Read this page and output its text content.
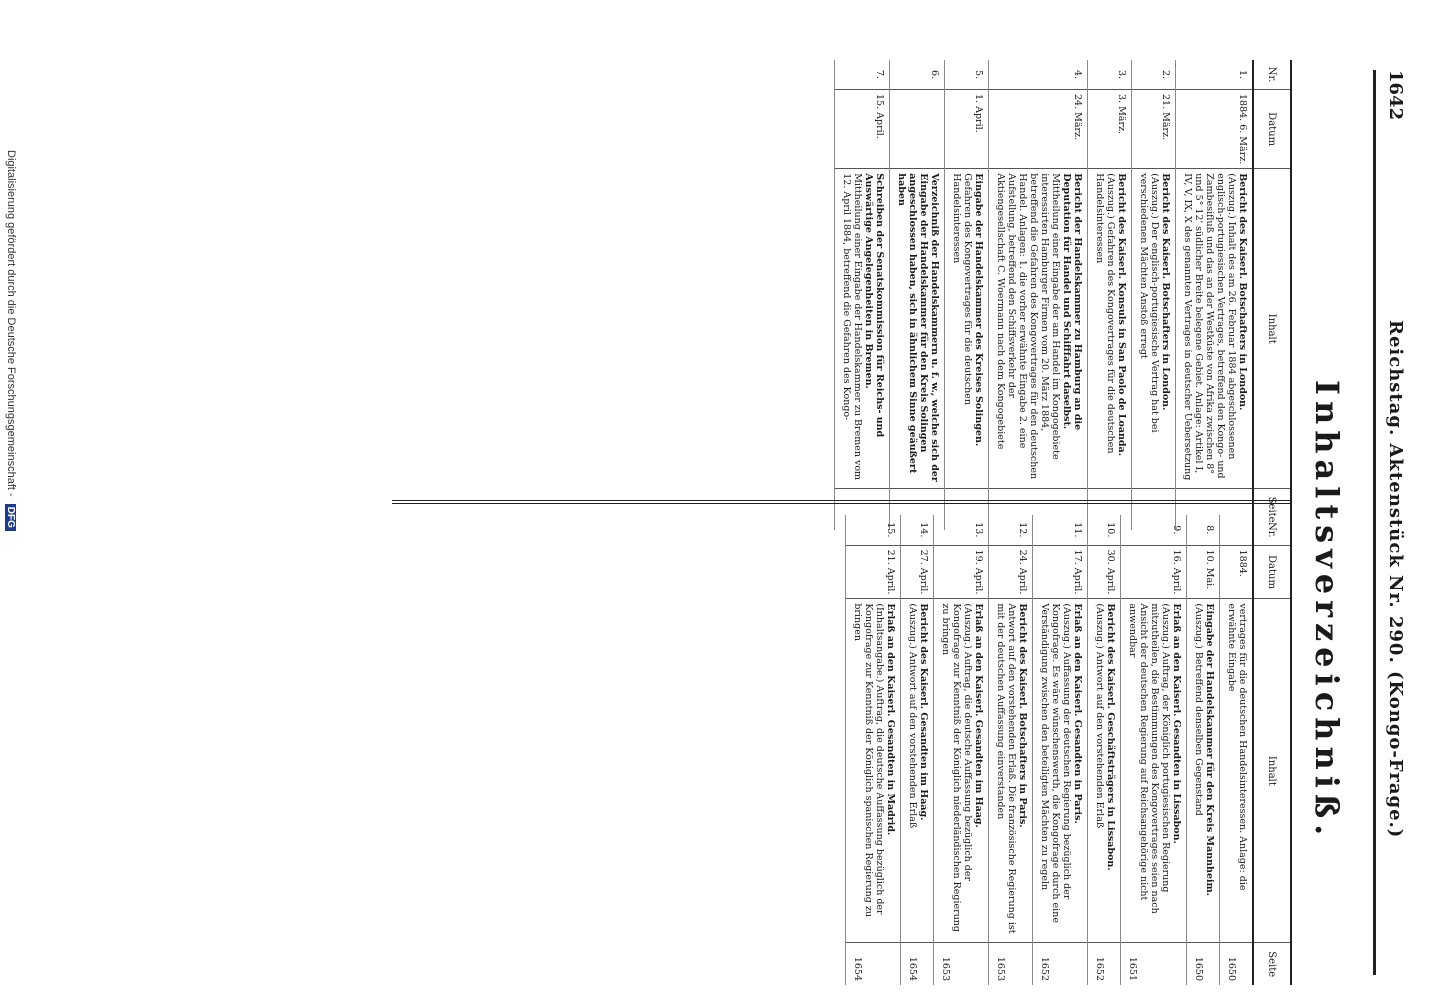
1642
Reichstag. Aktenstück Nr. 290. (Kongo-Frage.)
Inhaltsverzeichniß.
Nr.	Datum	Inhalt	Seite
1.	1884. 6. März.	Bericht des Kaiserl. Botschafters in London.
(Auszug.) Inhalt des am 26. Februar 1884 abgeschlossenen englisch-portugiesischen Vertrages, betreffend den Kongo- und Zambesifluß und das an der Westküste von Afrika zwischen 8° und 5° 12' südlicher Breite belegene Gebiet. Anlage: Artikel I, IV, V, IX, X des genannten Vertrages in deutscher Uebersetzung	

2.	21. März.	Bericht des Kaiserl. Botschafters in London.
(Auszug.) Der englisch-portugiesische Vertrag hat bei verschiedenen Mächten Anstoß erregt	

3.	3. März.	Bericht des Kaiserl. Konsuls in San Paolo de Loanda.
(Auszug.) Gefahren des Kongovertrages für die deutschen Handelsinteressen	

4.	24. März.	Bericht der Handelskammer zu Hamburg an die Deputation für Handel und Schifffahrt daselbst.
Mittheilung einer Eingabe der am Handel im Kongogebiete interessirten Hamburger Firmen vom 20. März 1884, betreffend die Gefahren des Kongovertrages für den deutschen Handel. Anlagen: 1. die vorher erwähnte Eingabe 2. eine Aufstellung, betreffend den Schiffsverkehr der Aktiengesellschaft C. Woermann nach dem Kongogebiete	

5.	1. April.	Eingabe der Handelskammer des Kreises Solingen.
Gefahren des Kongovertrages für die deutschen Handelsinteressen	

6.		Verzeichniß der Handelskammern u. f. w., welche sich der Eingabe der Handelskammer für den Kreis Solingen angeschlossen haben, sich in ähnlichem Sinne geäußert haben	

7.	15. April.	Schreiben der Senatskommission für Reichs- und Auswärtige Angelegenheiten in Bremen.
Mittheilung einer Eingabe der Handelskammer zu Bremen vom 12. April 1884, betreffend die Gefahren des Kongo-	

Nr.	Datum	Inhalt	Seite
	1884.	vertrages für die deutschen Handelsinteressen. Anlage: die erwähnte Eingabe	1650
8.	10. Mai.	Eingabe der Handelskammer für den Kreis Mannheim.
(Auszug.) Betreffend denselben Gegenstand	1650
9.	16. April.	Erlaß an den Kaiserl. Gesandten in Lissabon.
(Auszug.) Auftrag, der Königlich portugiesischen Regierung mitzutheilen, die Bestimmungen des Kongovertrages seien nach Ansicht der deutschen Regierung auf Reichsangehörige nicht anwendbar	1651
10.	30. April.	Bericht des Kaiserl. Geschäftsträgers in Lissabon.
(Auszug.) Antwort auf den vorstehenden Erlaß	1652
11.	17. April.	Erlaß an den Kaiserl. Gesandten in Paris.
(Auszug.) Auffassung der deutschen Regierung bezüglich der Kongofrage. Es wäre wünschenswerth, die Kongofrage durch eine Verständigung zwischen den beteiligten Mächten zu regeln	1652
12.	24. April.	Bericht des Kaiserl. Botschafters in Paris.
Antwort auf den vorstehenden Erlaß. Die französische Regierung ist mit der deutschen Auffassung einverstanden	1653
13.	19. April.	Erlaß an den Kaiserl. Gesandten im Haag.
(Auszug.) Auftrag, die deutsche Auffassung bezüglich der Kongofrage zur Kenntniß der Königlich niederländischen Regierung zu bringen	1653
14.	27. April.	Bericht des Kaiserl. Gesandten im Haag.
(Auszug.) Antwort auf den vorstehenden Erlaß	1654
15.	21. April.	Erlaß an den Kaiserl. Gesandten in Madrid.
(Inhaltsangabe.) Auftrag, die deutsche Auffassung bezüglich der Kongofrage zur Kenntniß der Königlich spanischen Regierung zu bringen	1654
Digitalisierung gefördert durch die Deutsche Forschungsgemeinschaft - DFG
